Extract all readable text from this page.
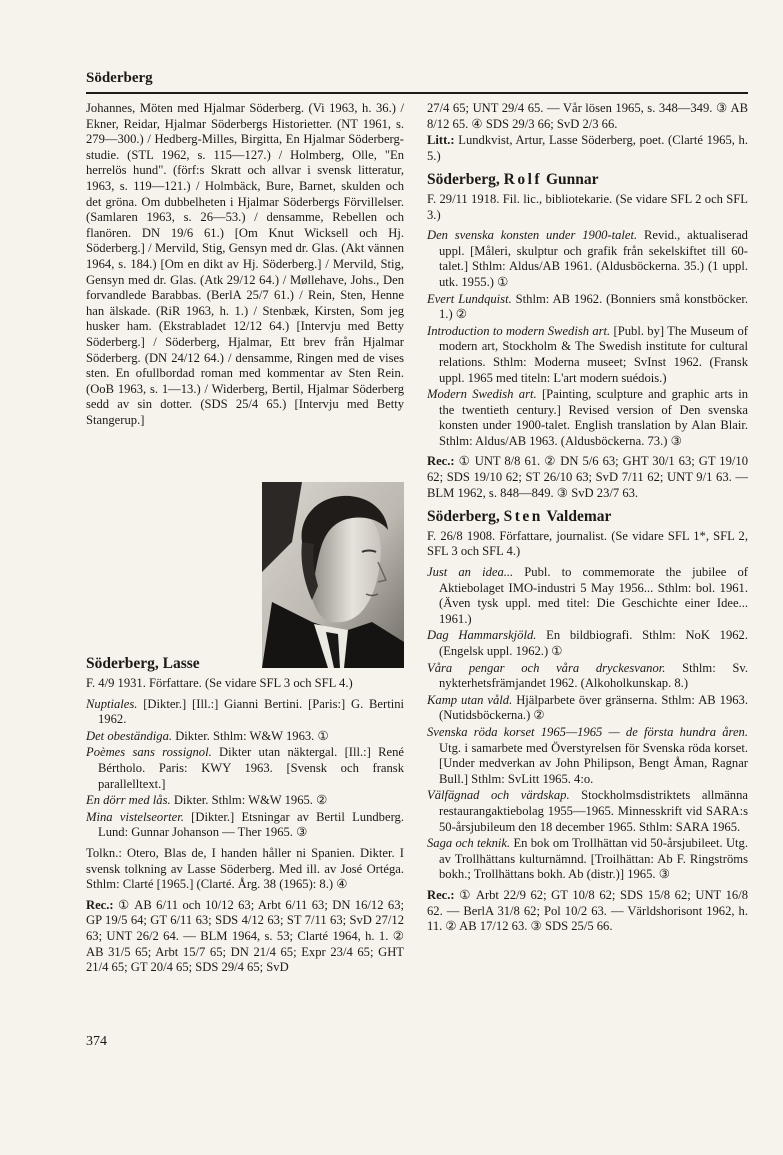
Söderberg

Johannes, Möten med Hjalmar Söderberg. (Vi 1963, h. 36.) / Ekner, Reidar, Hjalmar Söderbergs Historietter. (NT 1961, s. 279—300.) / Hedberg-Milles, Birgitta, En Hjalmar Söderberg-studie. (STL 1962, s. 115—127.) / Holmberg, Olle, "En herrelös hund". (förf:s Skratt och allvar i svensk litteratur, 1963, s. 119—121.) / Holmbäck, Bure, Barnet, skulden och det gröna. Om dubbelheten i Hjalmar Söderbergs Förvillelser. (Samlaren 1963, s. 26—53.) / densamme, Rebellen och flanören. DN 19/6 61.) [Om Knut Wicksell och Hj. Söderberg.] / Mervild, Stig, Gensyn med dr. Glas. (Akt vännen 1964, s. 184.) [Om en dikt av Hj. Söderberg.] / Mervild, Stig, Gensyn med dr. Glas. (Atk 29/12 64.) / Møllehave, Johs., Den forvandlede Barabbas. (BerlA 25/7 61.) / Rein, Sten, Henne han älskade. (RiR 1963, h. 1.) / Stenbæk, Kirsten, Som jeg husker ham. (Ekstrabladet 12/12 64.) [Intervju med Betty Söderberg.] / Söderberg, Hjalmar, Ett brev från Hjalmar Söderberg. (DN 24/12 64.) / densamme, Ringen med de vises sten. En ofullbordad roman med kommentar av Sten Rein. (OoB 1963, s. 1—13.) / Widerberg, Bertil, Hjalmar Söderberg sedd av sin dotter. (SDS 25/4 65.) [Intervju med Betty Stangerup.]

Söderberg, Lasse

F. 4/9 1931. Författare. (Se vidare SFL 3 och SFL 4.)

Nuptiales. [Dikter.] [Ill.:] Gianni Bertini. [Paris:] G. Bertini 1962.

Det obeständiga. Dikter. Sthlm: W&W 1963. ①

Poèmes sans rossignol. Dikter utan näktergal. [Ill.:] René Bértholo. Paris: KWY 1963. [Svensk och fransk parallelltext.]

En dörr med lås. Dikter. Sthlm: W&W 1965. ②

Mina vistelseorter. [Dikter.] Etsningar av Bertil Lundberg. Lund: Gunnar Johanson — Ther 1965. ③

Tolkn.: Otero, Blas de, I handen håller ni Spanien. Dikter. I svensk tolkning av Lasse Söderberg. Med ill. av José Ortéga. Sthlm: Clarté [1965.] (Clarté. Årg. 38 (1965): 8.) ④

Rec.: ① AB 6/11 och 10/12 63; Arbt 6/11 63; DN 16/12 63; GP 19/5 64; GT 6/11 63; SDS 4/12 63; ST 7/11 63; SvD 27/12 63; UNT 26/2 64. — BLM 1964, s. 53; Clarté 1964, h. 1. ② AB 31/5 65; Arbt 15/7 65; DN 21/4 65; Expr 23/4 65; GHT 21/4 65; GT 20/4 65; SDS 29/4 65; SvD

27/4 65; UNT 29/4 65. — Vår lösen 1965, s. 348—349. ③ AB 8/12 65. ④ SDS 29/3 66; SvD 2/3 66.

Litt.: Lundkvist, Artur, Lasse Söderberg, poet. (Clarté 1965, h. 5.)

Söderberg, Rolf Gunnar

F. 29/11 1918. Fil. lic., bibliotekarie. (Se vidare SFL 2 och SFL 3.)

Den svenska konsten under 1900-talet. Revid., aktualiserad uppl. [Måleri, skulptur och grafik från sekelskiftet till 60-talet.] Sthlm: Aldus/AB 1961. (Aldusböckerna. 35.) (1 uppl. utk. 1955.) ①

Evert Lundquist. Sthlm: AB 1962. (Bonniers små konstböcker. 1.) ②

Introduction to modern Swedish art. [Publ. by] The Museum of modern art, Stockholm & The Swedish institute for cultural relations. Sthlm: Moderna museet; SvInst 1962. (Fransk uppl. 1965 med titeln: L'art modern suédois.)

Modern Swedish art. [Painting, sculpture and graphic arts in the twentieth century.] Revised version of Den svenska konsten under 1900-talet. English translation by Alan Blair. Sthlm: Aldus/AB 1963. (Aldusböckerna. 73.) ③

Rec.: ① UNT 8/8 61. ② DN 5/6 63; GHT 30/1 63; GT 19/10 62; SDS 19/10 62; ST 26/10 63; SvD 7/11 62; UNT 9/1 63. — BLM 1962, s. 848—849. ③ SvD 23/7 63.

Söderberg, Sten Valdemar

F. 26/8 1908. Författare, journalist. (Se vidare SFL 1*, SFL 2, SFL 3 och SFL 4.)

Just an idea... Publ. to commemorate the jubilee of Aktiebolaget IMO-industri 5 May 1956... Sthlm: bol. 1961. (Även tysk uppl. med titel: Die Geschichte einer Idee... 1961.)

Dag Hammarskjöld. En bildbiografi. Sthlm: NoK 1962. (Engelsk uppl. 1962.) ①

Våra pengar och våra dryckesvanor. Sthlm: Sv. nykterhetsfrämjandet 1962. (Alkoholkunskap. 8.)

Kamp utan våld. Hjälparbete över gränserna. Sthlm: AB 1963. (Nutidsböckerna.) ②

Svenska röda korset 1965—1965 — de första hundra åren. Utg. i samarbete med Överstyrelsen för Svenska röda korset. [Under medverkan av John Philipson, Bengt Åman, Ragnar Bull.] Sthlm: SvLitt 1965. 4:o.

Välfägnad och värdskap. Stockholmsdistriktets allmänna restaurangaktiebolag 1955—1965. Minnesskrift vid SARA:s 50-årsjubileum den 18 december 1965. Sthlm: SARA 1965.

Saga och teknik. En bok om Trollhättan vid 50-årsjubileet. Utg. av Trollhättans kulturnämnd. [Troilhättan: Ab F. Ringströms bokh.; Trollhättans bokh. Ab (distr.)] 1965. ③

Rec.: ① Arbt 22/9 62; GT 10/8 62; SDS 15/8 62; UNT 16/8 62. — BerlA 31/8 62; Pol 10/2 63. — Världshorisont 1962, h. 11. ② AB 17/12 63. ③ SDS 25/5 66.

374
